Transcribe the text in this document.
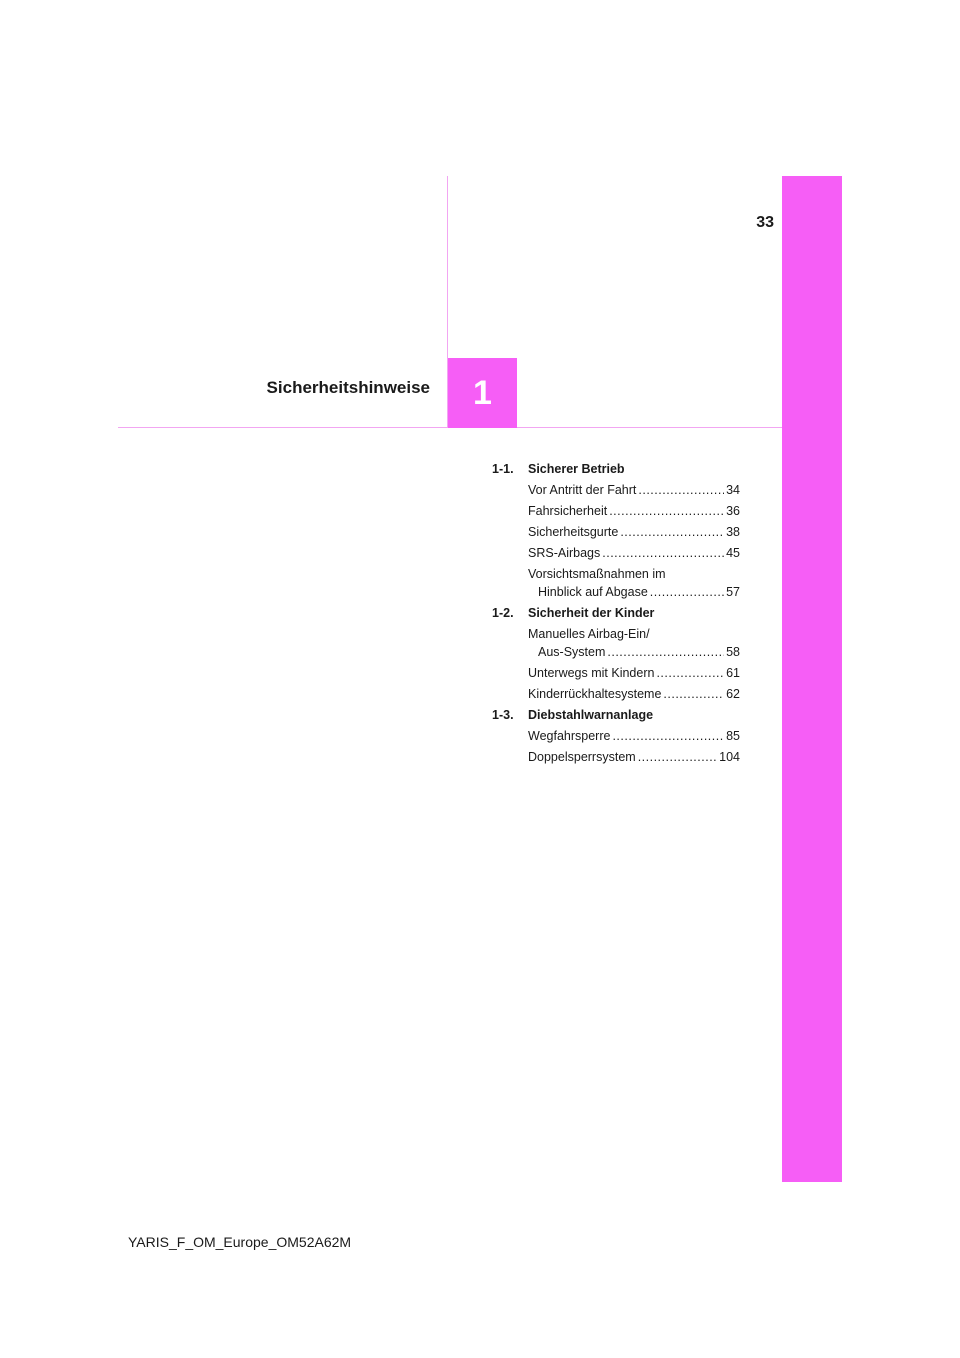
33
1
Sicherheitshinweise
1-1.	Sicherer Betrieb
Vor Antritt der Fahrt .....	34
Fahrsicherheit .....	36
Sicherheitsgurte .....	38
SRS-Airbags .....	45
Vorsichtsmaßnahmen im
Hinblick auf Abgase .....	57
1-2.	Sicherheit der Kinder
Manuelles Airbag-Ein/
Aus-System .....	58
Unterwegs mit Kindern .....	61
Kinderrückhaltesysteme .....	62
1-3.	Diebstahlwarnanlage
Wegfahrsperre .....	85
Doppelsperrsystem .....	104
YARIS_F_OM_Europe_OM52A62M
